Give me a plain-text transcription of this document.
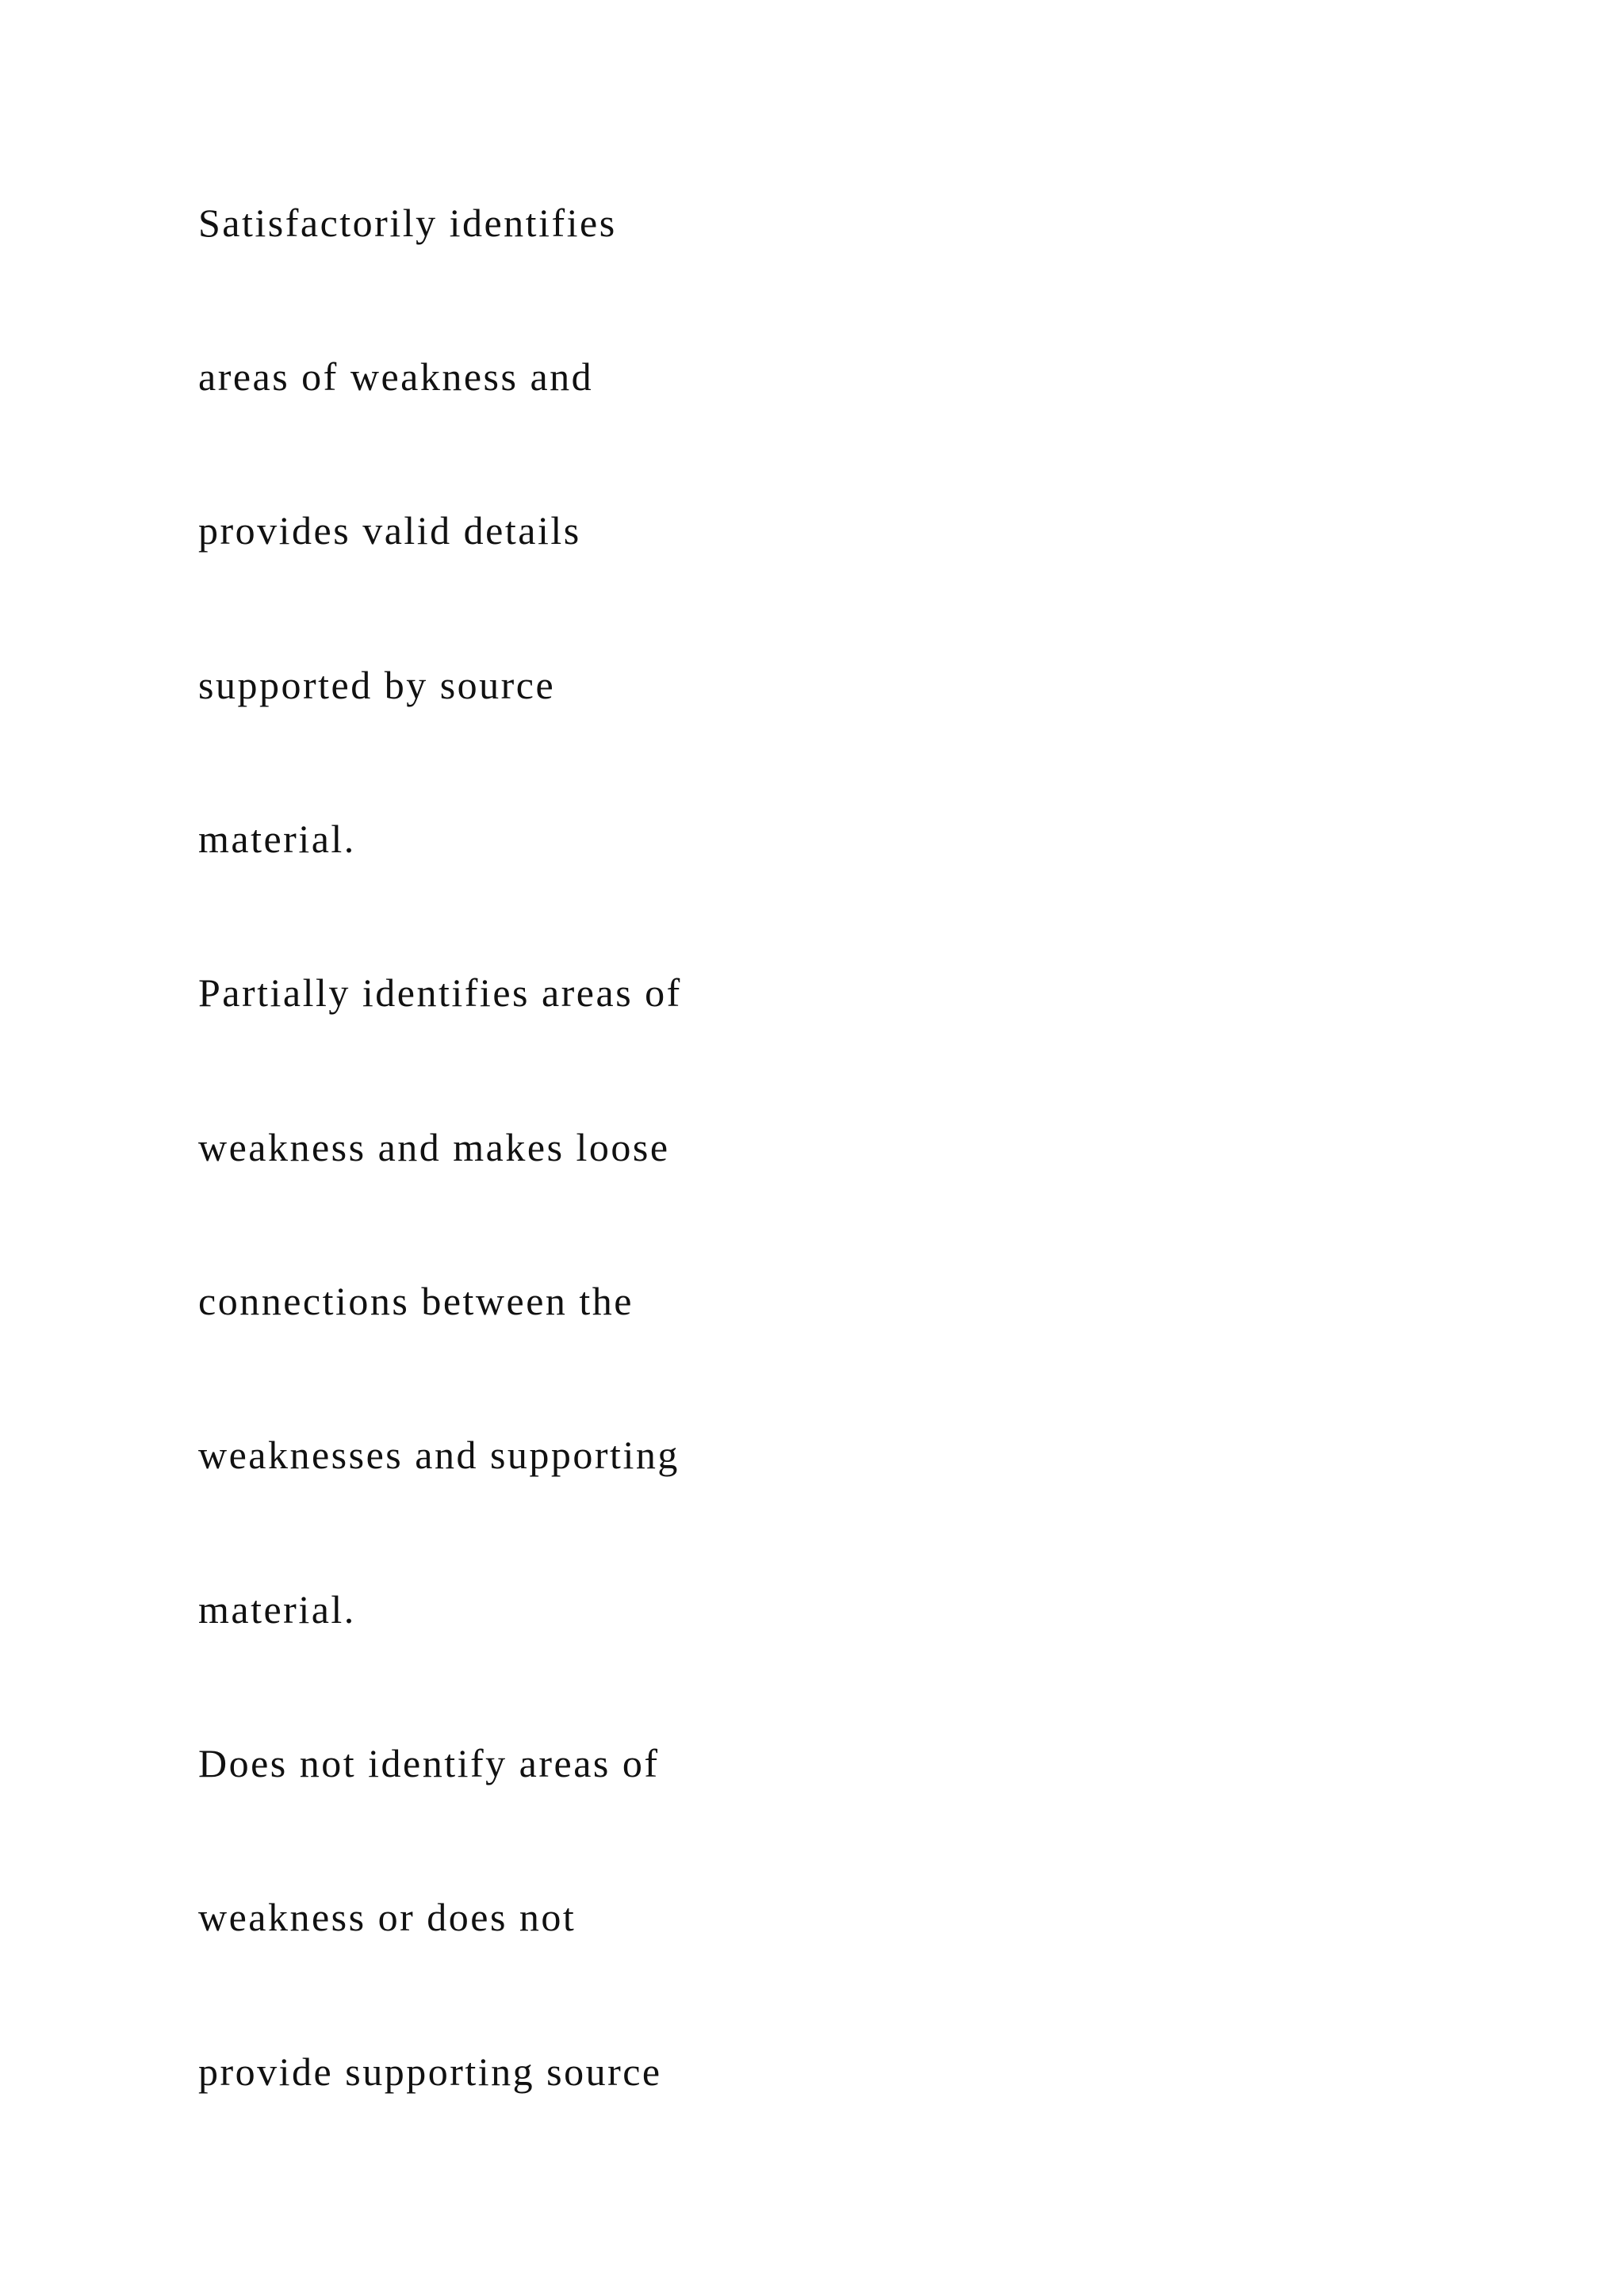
Satisfactorily identifies

areas of weakness and

provides valid details

supported by source

material.

Partially identifies areas of

weakness and makes loose

connections between the

weaknesses and supporting

material.

Does not identify areas of

weakness or does not

provide supporting source
